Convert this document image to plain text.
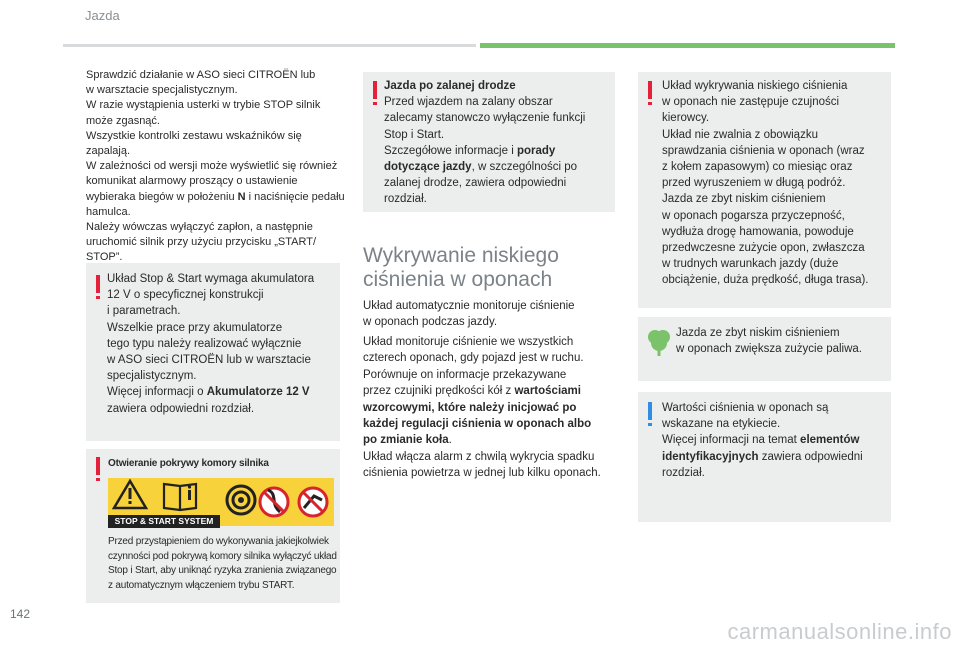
Jazda
Sprawdzić działanie w ASO sieci CITROËN lub
w warsztacie specjalistycznym.
W razie wystąpienia usterki w trybie STOP silnik
może zgasnąć.
Wszystkie kontrolki zestawu wskaźników się zapalają.
W zależności od wersji może wyświetlić się również
komunikat alarmowy proszący o ustawienie
wybieraka biegów w położeniu N i naciśnięcie pedału
hamulca.
Należy wówczas wyłączyć zapłon, a następnie
uruchomić silnik przy użyciu przycisku „START/
STOP”.
Układ Stop & Start wymaga akumulatora
12 V o specyficznej konstrukcji
i parametrach.
Wszelkie prace przy akumulatorze
tego typu należy realizować wyłącznie
w ASO sieci CITROËN lub w warsztacie
specjalistycznym.
Więcej informacji o Akumulatorze 12 V
zawiera odpowiedni rozdział.
Otwieranie pokrywy komory silnika
Przed przystąpieniem do wykonywania jakiejkolwiek
czynności pod pokrywą komory silnika wyłączyć układ
Stop i Start, aby uniknąć ryzyka zranienia związanego
z automatycznym włączeniem trybu START.
STOP & START SYSTEM
Jazda po zalanej drodze
Przed wjazdem na zalany obszar
zalecamy stanowczo wyłączenie funkcji
Stop i Start.
Szczegółowe informacje i porady
dotyczące jazdy, w szczególności po
zalanej drodze, zawiera odpowiedni
rozdział.
Wykrywanie niskiego
ciśnienia w oponach
Układ automatycznie monitoruje ciśnienie
w oponach podczas jazdy.
Układ monitoruje ciśnienie we wszystkich
czterech oponach, gdy pojazd jest w ruchu.
Porównuje on informacje przekazywane
przez czujniki prędkości kół z wartościami
wzorcowymi, które należy inicjować po
każdej regulacji ciśnienia w oponach albo
po zmianie koła.
Układ włącza alarm z chwilą wykrycia spadku
ciśnienia powietrza w jednej lub kilku oponach.
Układ wykrywania niskiego ciśnienia
w oponach nie zastępuje czujności
kierowcy.
Układ nie zwalnia z obowiązku
sprawdzania ciśnienia w oponach (wraz
z kołem zapasowym) co miesiąc oraz
przed wyruszeniem w długą podróż.
Jazda ze zbyt niskim ciśnieniem
w oponach pogarsza przyczepność,
wydłuża drogę hamowania, powoduje
przedwczesne zużycie opon, zwłaszcza
w trudnych warunkach jazdy (duże
obciążenie, duża prędkość, długa trasa).
Jazda ze zbyt niskim ciśnieniem
w oponach zwiększa zużycie paliwa.
Wartości ciśnienia w oponach są
wskazane na etykiecie.
Więcej informacji na temat elementów
identyfikacyjnych zawiera odpowiedni
rozdział.
142
carmanualsonline.info
